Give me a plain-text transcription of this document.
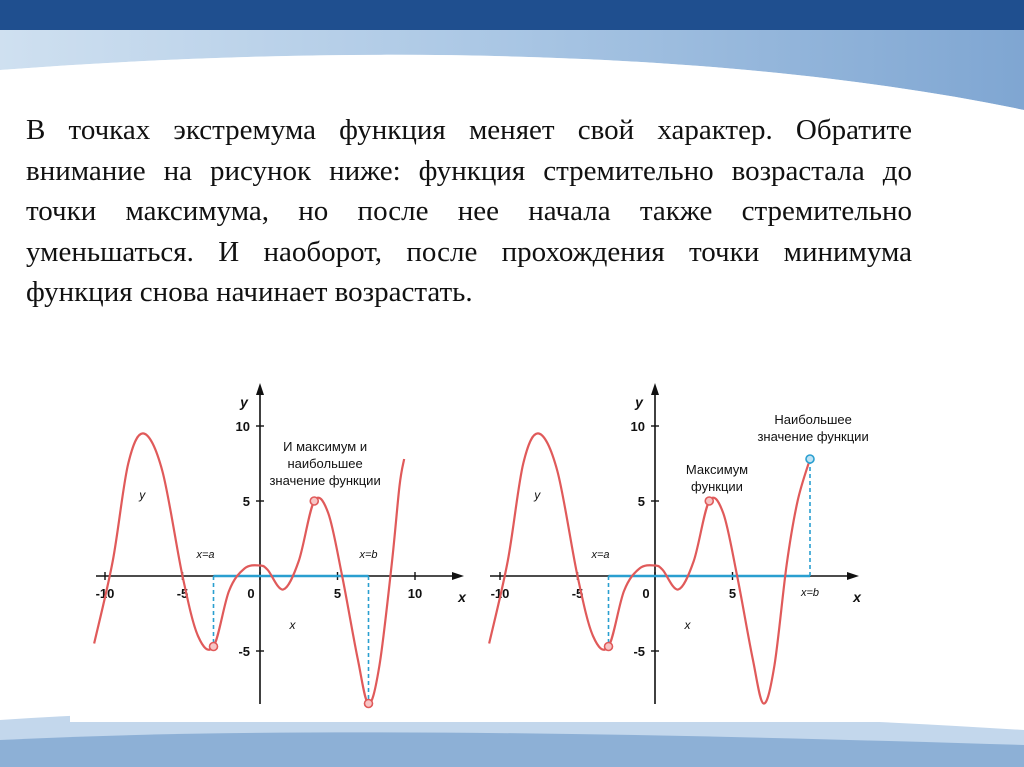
В точках экстремума функция меняет свой характер. Обратите внимание на рисунок ниже: функция стремительно возрастала до точки максимума, но после нее начала также стремительно уменьшаться. И наоборот, после прохождения точки минимума функция снова начинает возрастать.
x
y
-10	-5	0	5	10
10
5
-5
y
x
x=a	x=b
И максимум и
наибольшее
значение функции
x
y
-10	-5	0	5
10
5
-5
y
x
x=a
x=b
Максимум
функции
Наибольшее
значение функции
